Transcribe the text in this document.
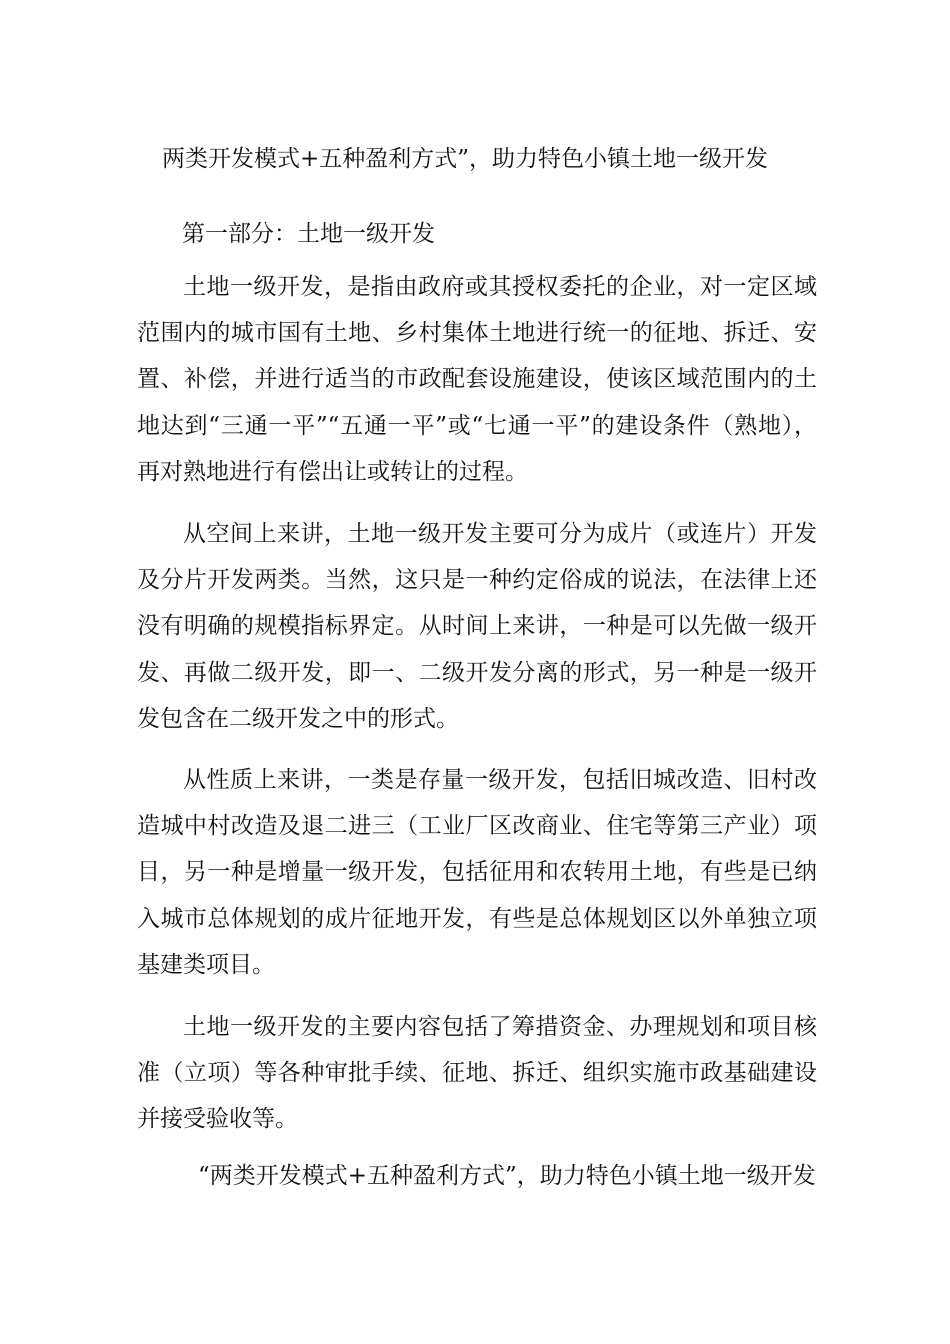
两类开发模式+五种盈利方式”，助力特色小镇土地一级开发
第一部分：土地一级开发

土地一级开发，是指由政府或其授权委托的企业，对一定区域范围内的城市国有土地、乡村集体土地进行统一的征地、拆迁、安置、补偿，并进行适当的市政配套设施建设，使该区域范围内的土地达到“三通一平”“五通一平”或“七通一平”的建设条件（熟地），再对熟地进行有偿出让或转让的过程。

从空间上来讲，土地一级开发主要可分为成片（或连片）开发及分片开发两类。当然，这只是一种约定俗成的说法，在法律上还没有明确的规模指标界定。从时间上来讲，一种是可以先做一级开发、再做二级开发，即一、二级开发分离的形式，另一种是一级开发包含在二级开发之中的形式。

从性质上来讲，一类是存量一级开发，包括旧城改造、旧村改造城中村改造及退二进三（工业厂区改商业、住宅等第三产业）项目，另一种是增量一级开发，包括征用和农转用土地，有些是已纳入城市总体规划的成片征地开发，有些是总体规划区以外单独立项基建类项目。

土地一级开发的主要内容包括了筹措资金、办理规划和项目核准（立项）等各种审批手续、征地、拆迁、组织实施市政基础建设并接受验收等。

“两类开发模式+五种盈利方式”，助力特色小镇土地一级开发
